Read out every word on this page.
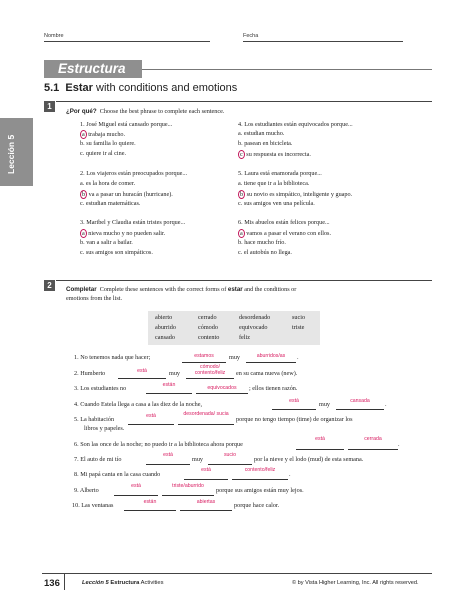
Nombre	Fecha
Estructura
Lección 5
5.1 Estar with conditions and emotions
1
¿Por qué? Choose the best phrase to complete each sentence.
1. José Miguel está cansado porque...
a trabaja mucho.
b. su familia lo quiere.
c. quiere ir al cine.
2. Los viajeros están preocupados porque...
a. es la hora de comer.
b va a pasar un huracán (hurricane).
c. estudian matemáticas.
3. Maribel y Claudia están tristes porque...
a nieva mucho y no pueden salir.
b. van a salir a bailar.
c. sus amigos son simpáticos.
4. Los estudiantes están equivocados porque...
a. estudian mucho.
b. pasean en bicicleta.
c su respuesta es incorrecta.
5. Laura está enamorada porque...
a. tiene que ir a la biblioteca.
b su novio es simpático, inteligente y guapo.
c. sus amigos ven una película.
6. Mis abuelos están felices porque...
a vamos a pasar el verano con ellos.
b. hace mucho frío.
c. el autobús no llega.
2	Completar Complete these sentences with the correct forms of estar and the conditions or
emotions from the list.
abierto	cerrado	desordenado	sucio
aburrido	cómodo	equivocado	triste
cansado	contento	feliz
1. No tenemos nada que hacer;	estamos	muy	aburridos/as	.
2. Humberto	está	muy
cómodo/ contento/feliz	en su cama nueva (new).
3. Los estudiantes no	están	equivocados	; ellos tienen razón.
4. Cuando Estela llega a casa a las diez de la noche,	está	muy	cansada	.
5. La habitación	está	desordenada/ sucia
porque no tengo tiempo (time) de organizar los
libros y papeles.
6. Son las once de la noche; no puedo ir a la biblioteca ahora porque
está	cerrada
.
7. El auto de mi tío
está
muy
sucio
por la nieve y el lodo (mud) de esta semana.
8. Mi papá canta en la casa cuando
está	contento/feliz
.
9. Alberto
está	triste/aburrido
porque sus amigos están muy lejos.
10. Las ventanas	están	abiertas	porque hace calor.
136	Lección 5 Estructura Activities	© by Vista Higher Learning, Inc. All rights reserved.
